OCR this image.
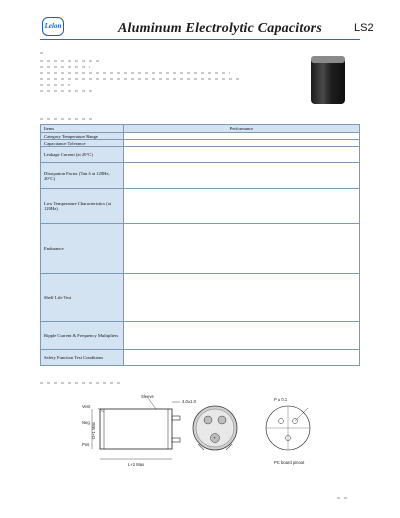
Lelon	Aluminum Electrolytic Capacitors	LS2
Items	Performance
Category Temperature Range	
Capacitance Tolerance	
Leakage Current (at 20°C)	
Dissipation Factor (Tan δ at 120Hz, 20°C)	
Low Temperature Characteristics (at 120Hz)	
Endurance	
Shelf Life Test	
Ripple Current & Frequency Multipliers	
Safety Function Test Conditions	
Sleeve
Vent
Neg
Pos
D+1 Max
L+2 Max
4.0±1.0
+
P ± 0.1
PC board pinout
